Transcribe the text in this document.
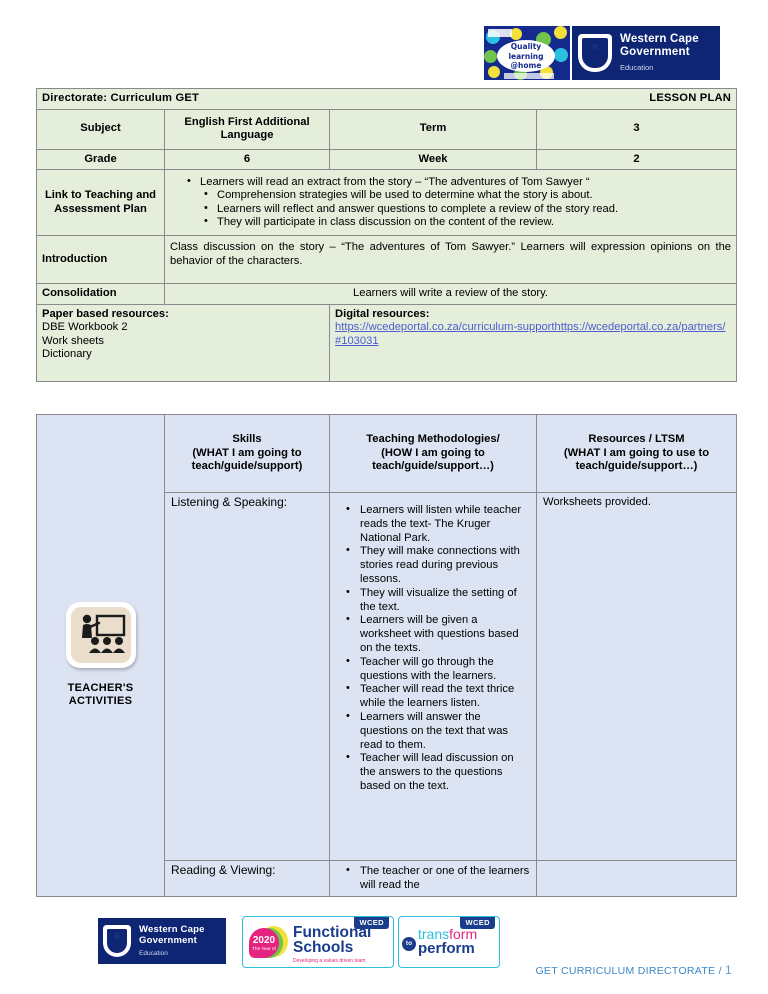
Quality
learning
@home
Western Cape
Government
Education
LESSON PLAN
Directorate: Curriculum GET			
Subject	English First Additional Language	Term	3
Grade	6	Week	2
Link to Teaching and Assessment Plan	
• Learners will read an extract from the story – “The adventures of Tom Sawyer “
• Comprehension strategies will be used to determine what the story is about.
• Learners will reflect and answer questions to complete a review of the story read.
• They will participate in class discussion on the content of the review.

Introduction	Class discussion on the story – “The adventures of Tom Sawyer.” Learners will expression opinions on the behavior of the characters.		
Consolidation	Learners will write a review of the story.		

Paper based resources:
DBE Workbook 2
Work sheets
Dictionary

Digital resources:
https://wcedeportal.co.za/curriculum-supporthttps://wcedeportal.co.za/partners/#103031
TEACHER'S
ACTIVITIES

Skills
(WHAT I am going to
teach/guide/support)

Teaching Methodologies/
(HOW I am going to
teach/guide/support…)

Resources / LTSM
(WHAT I am going to use to
teach/guide/support…)

Listening & Speaking:

• Learners will listen while teacher reads the text- The Kruger National Park.
• They will make connections with stories read during previous lessons.
• They will visualize the setting of the text.
• Learners will be given a worksheet with questions based on the texts.
• Teacher will go through the questions with the learners.
• Teacher will read the text thrice while the learners listen.
• Learners will answer the questions on the text that was read to them.
• Teacher will lead discussion on the answers to the questions based on the text.
	Worksheets provided.

Reading & Viewing:

•The teacher or one of the learners will read the

Western Cape
Government
Education
WCED
2020
The Year of
Functional
Schools
Developing a values driven team
WCED
to
transform
perform
GET CURRICULUM DIRECTORATE / 1
